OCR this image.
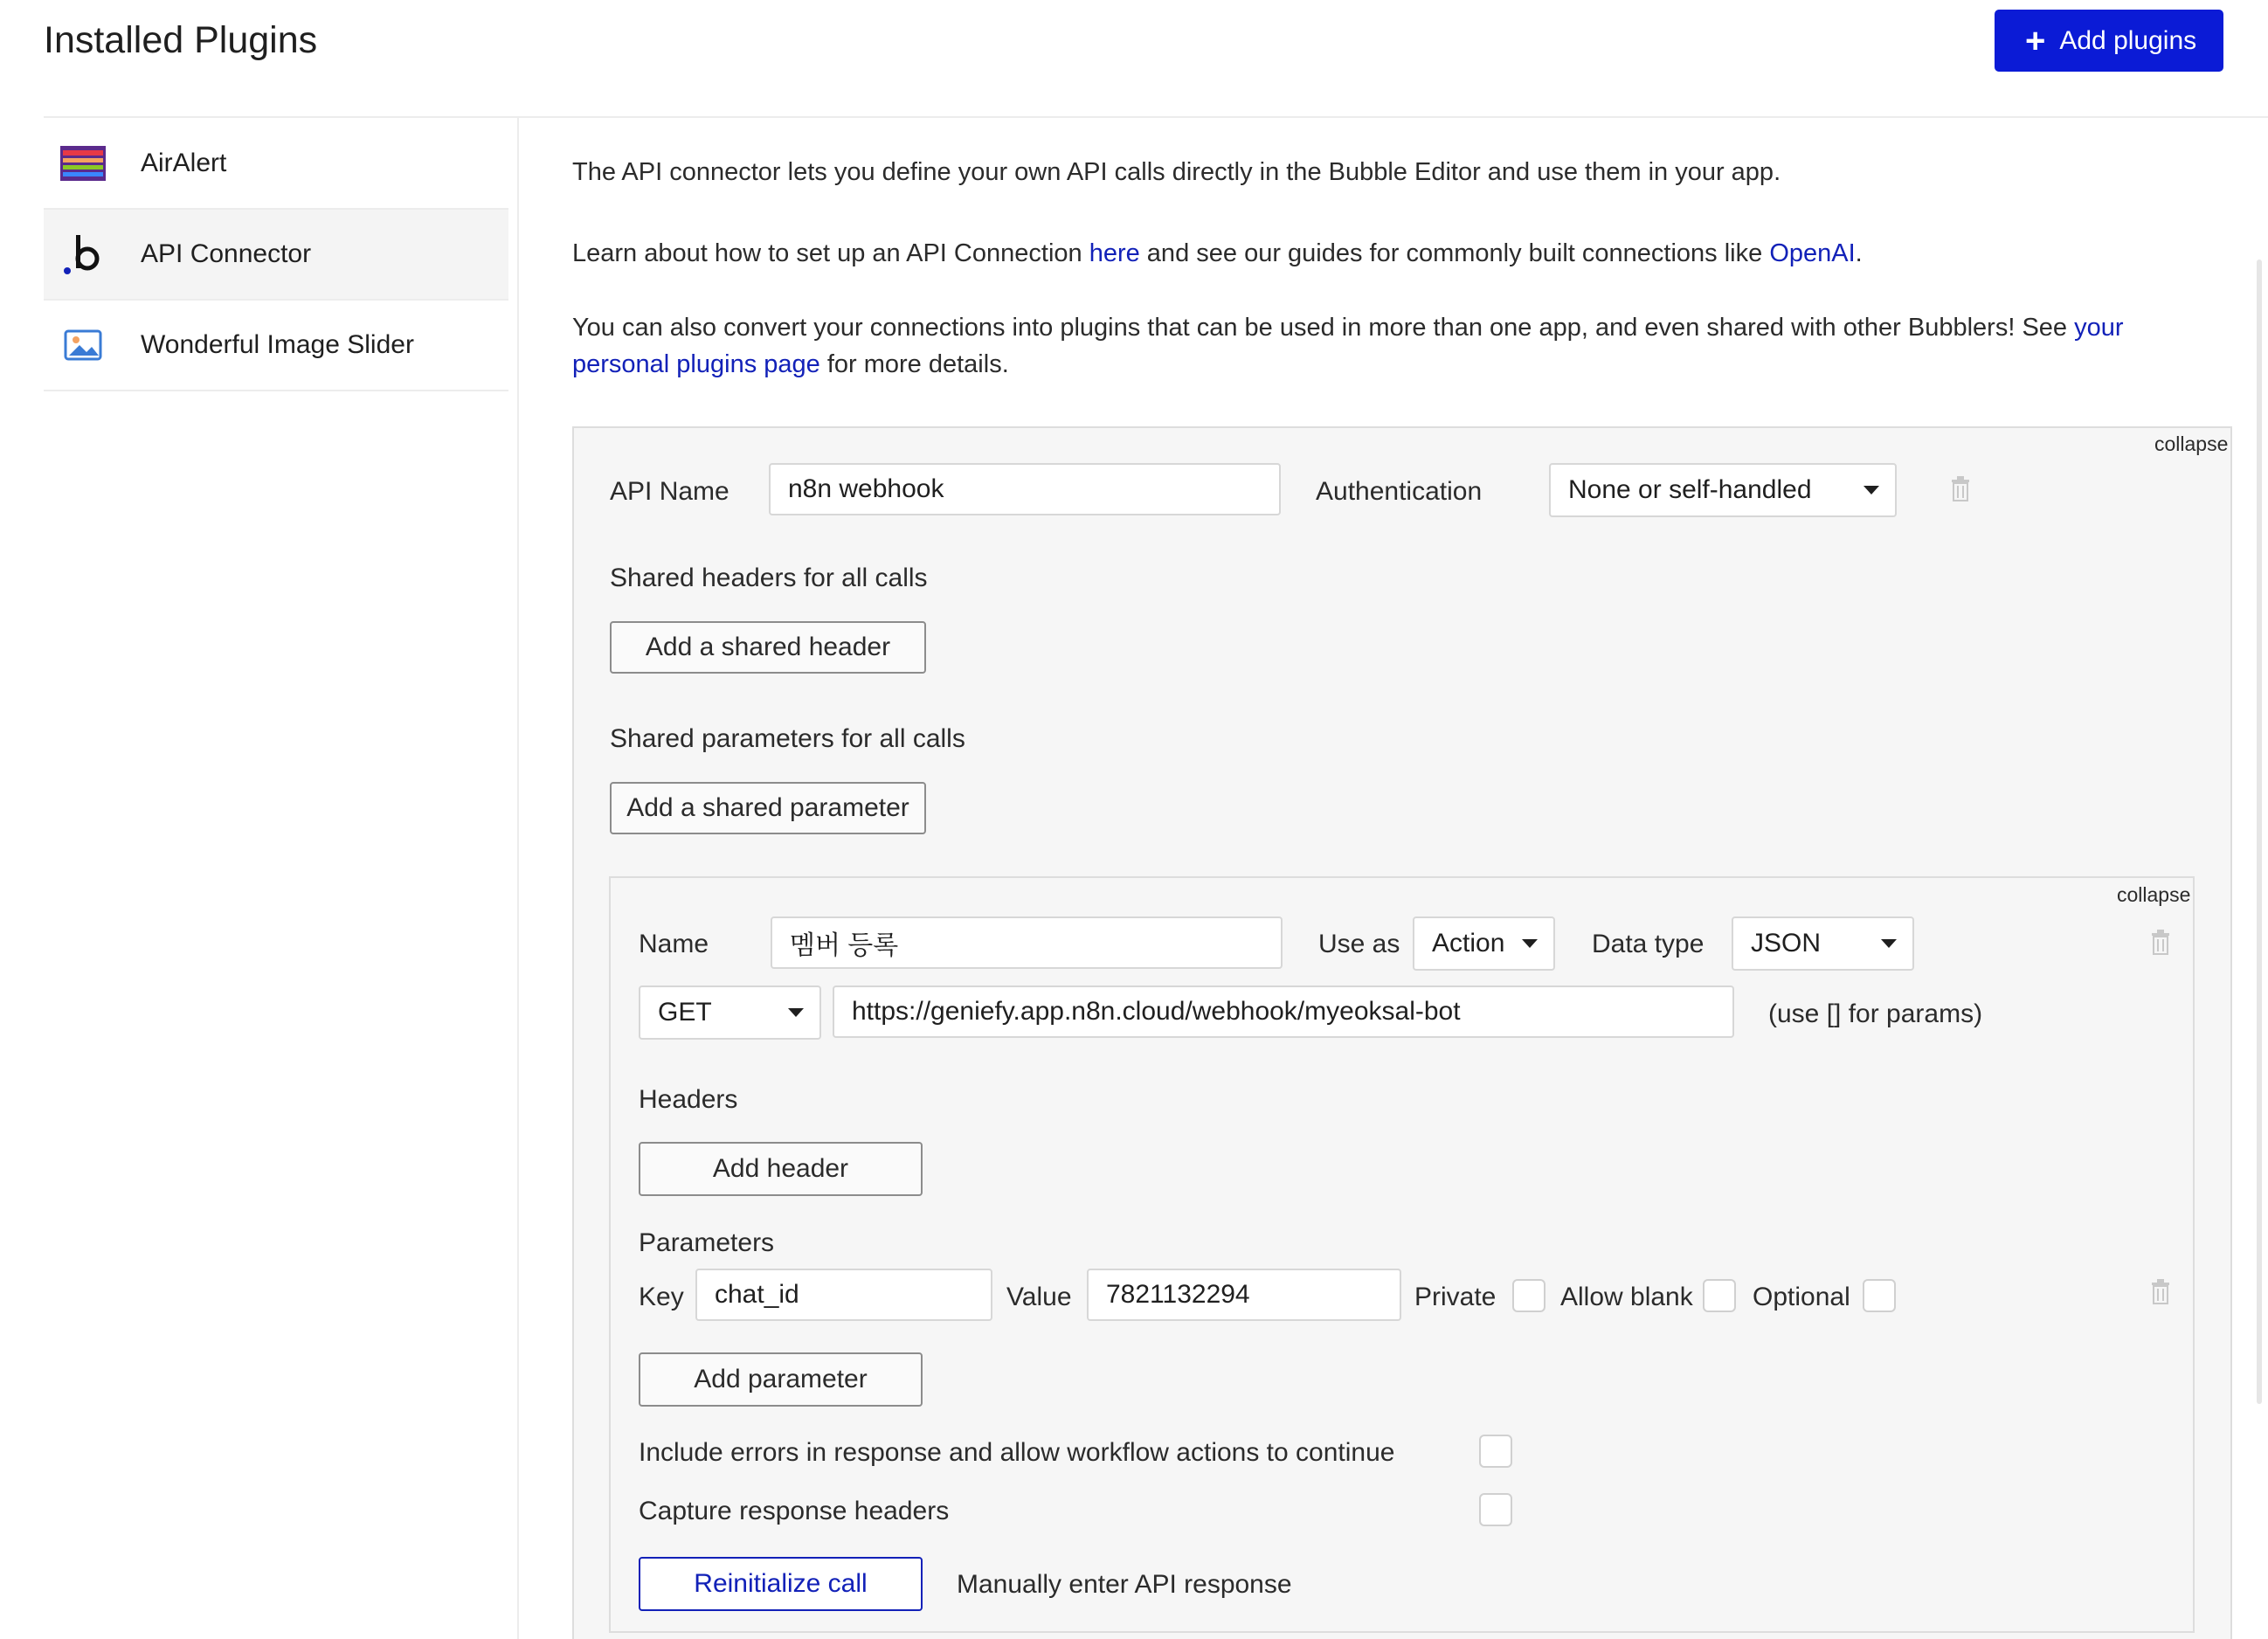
Installed Plugins	+ Add plugins
AirAlert
API Connector
Wonderful Image Slider
The API connector lets you define your own API calls directly in the Bubble Editor and use them in your app.
Learn about how to set up an API Connection here and see our guides for commonly built connections like OpenAI.
You can also convert your connections into plugins that can be used in more than one app, and even shared with other Bubblers! See your personal plugins page for more details.
collapse
API Name	n8n webhook	Authentication	None or self-handled
Shared headers for all calls
Add a shared header
Shared parameters for all calls
Add a shared parameter
collapse
Name	멤버 등록	Use as Action	Data type JSON
GET	https://geniefy.app.n8n.cloud/webhook/myeoksal-bot	(use [] for params)
Headers
Add header
Parameters
Key	chat_id	Value	7821132294	Private Allow blank Optional
Add parameter
Include errors in response and allow workflow actions to continue
Capture response headers
Reinitialize call	Manually enter API response
